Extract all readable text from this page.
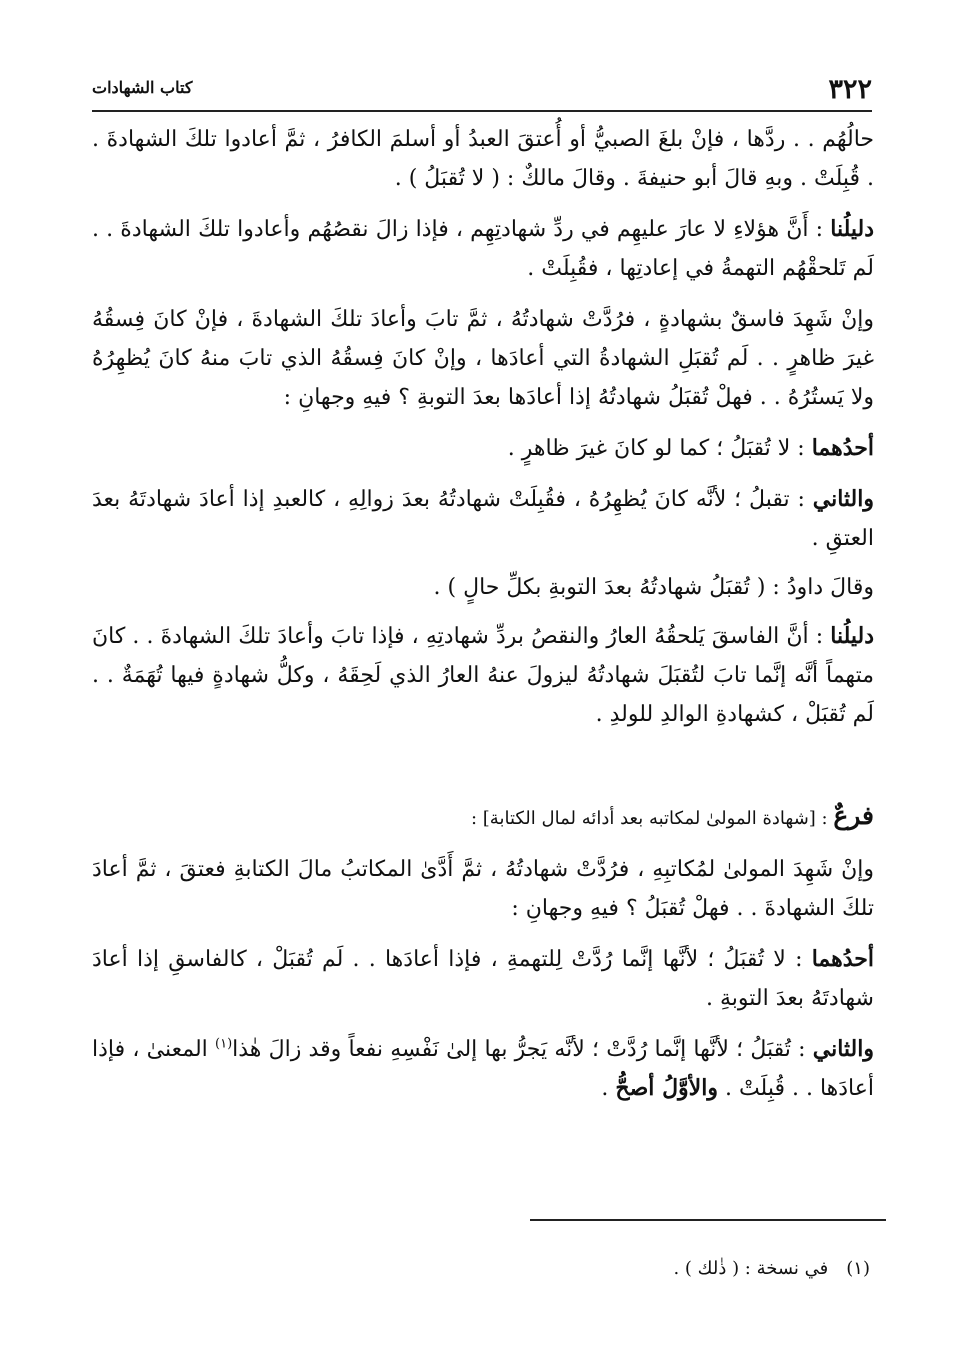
٣٢٢
كتاب الشهادات

حالُهُم . . ردَّها ، فإنْ بلغَ الصبيُّ أو أُعتقَ العبدُ أو أسلمَ الكافرُ ، ثمَّ أعادوا تلكَ الشهادةَ . . قُبِلَتْ . وبهِ قالَ أبو حنيفةَ . وقالَ مالكٌ : ( لا تُقبَلُ ) .

دليلُنا : أَنَّ هؤلاءِ لا عارَ عليهِم في ردِّ شهادتِهِم ، فإذا زالَ نقصُهُم وأعادوا تلكَ الشهادةَ . . لَم تَلحقْهُم التهمةُ في إعادتِها ، فقُبِلَتْ .

وإنْ شَهِدَ فاسقٌ بشهادةٍ ، فرُدَّتْ شهادتُهُ ، ثمَّ تابَ وأعادَ تلكَ الشهادةَ ، فإنْ كانَ فِسقُهُ غيرَ ظاهرٍ . . لَم تُقبَلِ الشهادةُ التي أعادَها ، وإنْ كانَ فِسقُهُ الذي تابَ منهُ كانَ يُظهِرُهُ ولا يَستُرُهُ . . فهلْ تُقبَلُ شهادتُهُ إذا أعادَها بعدَ التوبةِ ؟ فيهِ وجهانِ :

أحدُهما : لا تُقبَلُ ؛ كما لو كانَ غيرَ ظاهرٍ .

والثاني : تقبلُ ؛ لأنَّه كانَ يُظهِرُهُ ، فقُبِلَتْ شهادتُهُ بعدَ زوالِهِ ، كالعبدِ إذا أعادَ شهادتَهُ بعدَ العتقِ .

وقالَ داودُ : ( تُقبَلُ شهادتُهُ بعدَ التوبةِ بكلِّ حالٍ ) .

دليلُنا : أنَّ الفاسقَ يَلحقُهُ العارُ والنقصُ بردِّ شهادتِهِ ، فإذا تابَ وأعادَ تلكَ الشهادةَ . . كانَ متهماً أنَّه إنَّما تابَ لتُقبَلَ شهادتُهُ ليزولَ عنهُ العارُ الذي لَحِقَهُ ، وكلُّ شهادةٍ فيها تُهَمَةٌ . . لَم تُقبَلْ ، كشهادةِ الوالدِ للولدِ .

فرعٌ : [شهادة المولىٰ لمكاتبه بعد أدائه لمال الكتابة] :

وإنْ شَهِدَ المولىٰ لمُكاتبِهِ ، فرُدَّتْ شهادتُهُ ، ثمَّ أَدَّىٰ المكاتبُ مالَ الكتابةِ فعتقَ ، ثمَّ أعادَ تلكَ الشهادةَ . . فهلْ تُقبَلُ ؟ فيهِ وجهانِ :

أحدُهما : لا تُقبَلُ ؛ لأنَّها إنَّما رُدَّتْ لِلتهمةِ ، فإذا أعادَها . . لَم تُقبَلْ ، كالفاسقِ إذا أعادَ شهادتَهُ بعدَ التوبةِ .

والثاني : تُقبَلُ ؛ لأنَّها إنَّما رُدَّتْ ؛ لأنَّه يَجرُّ بها إلىٰ نَفْسِهِ نفعاً وقد زالَ هٰذا$^{(١)}$ المعنىٰ ، فإذا أعادَها . . قُبِلَتْ . والأوَّلُ أصحُّ .

(١)في نسخة : ( ذٰلك ) .
